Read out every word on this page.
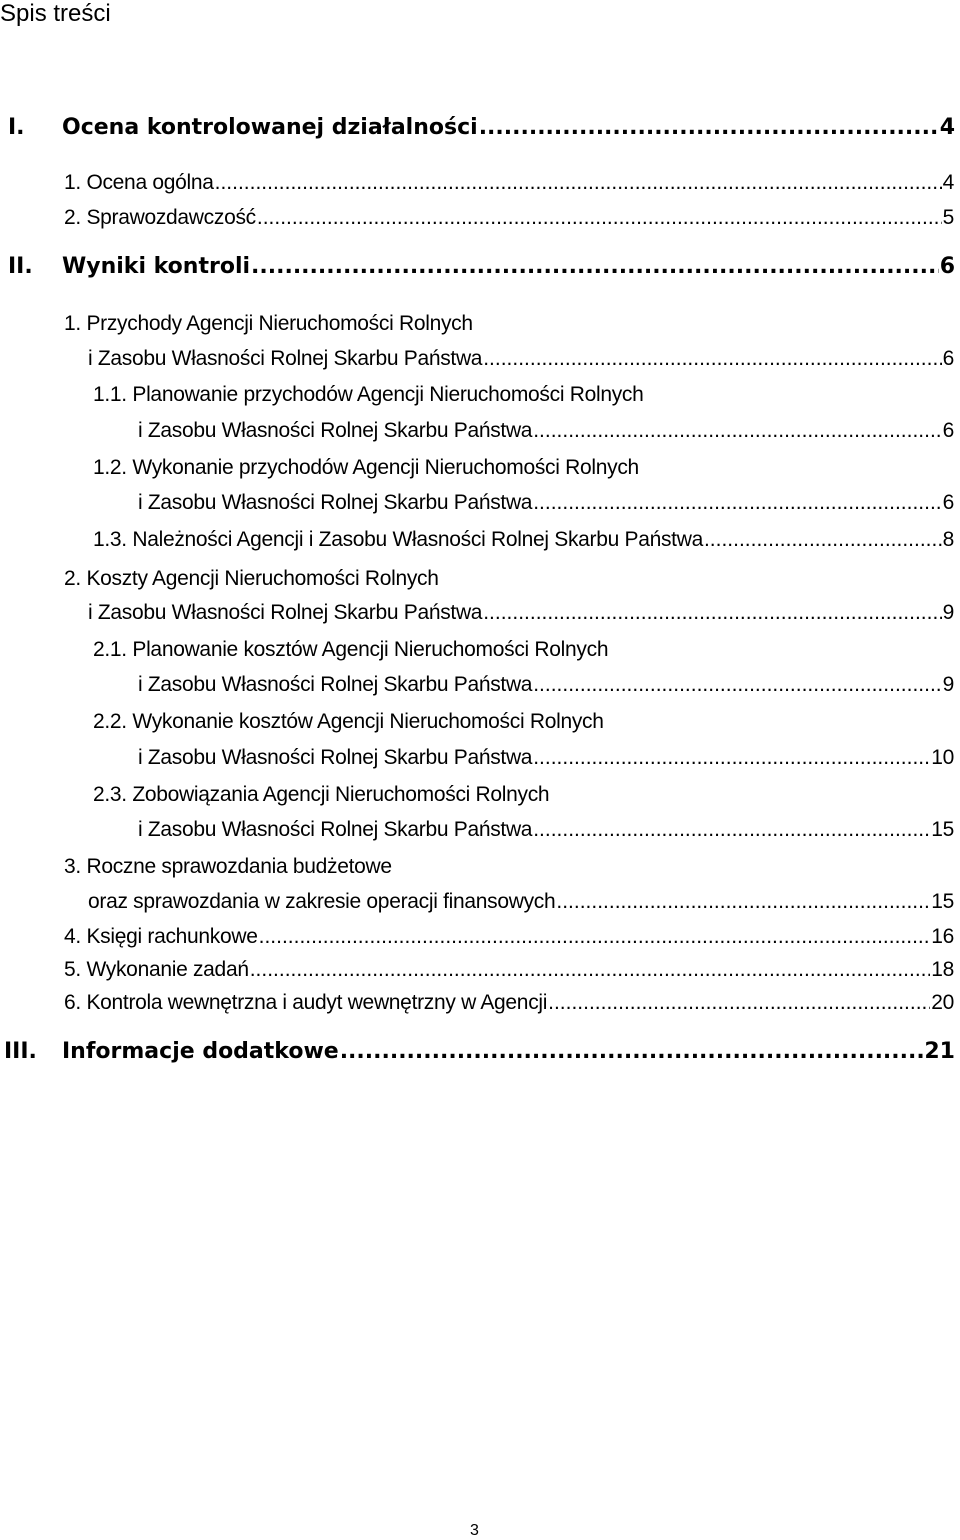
Spis treści
I. Ocena kontrolowanej działalności .....	4
1. Ocena ogólna .....	4
2. Sprawozdawczość .....	5
II. Wyniki kontroli .....	6
1. Przychody Agencji Nieruchomości Rolnych
i Zasobu Własności Rolnej Skarbu Państwa .....	6
1.1. Planowanie przychodów Agencji Nieruchomości Rolnych
i Zasobu Własności Rolnej Skarbu Państwa .....	6
1.2. Wykonanie przychodów Agencji Nieruchomości Rolnych
i Zasobu Własności Rolnej Skarbu Państwa .....	6
1.3. Należności Agencji i Zasobu Własności Rolnej Skarbu Państwa .....	8
2. Koszty Agencji Nieruchomości Rolnych
i Zasobu Własności Rolnej Skarbu Państwa .....	9
2.1. Planowanie kosztów Agencji Nieruchomości Rolnych
i Zasobu Własności Rolnej Skarbu Państwa .....	9
2.2. Wykonanie kosztów Agencji Nieruchomości Rolnych
i Zasobu Własności Rolnej Skarbu Państwa .....	10
2.3. Zobowiązania Agencji Nieruchomości Rolnych
i Zasobu Własności Rolnej Skarbu Państwa .....	15
3. Roczne sprawozdania budżetowe
oraz sprawozdania w zakresie operacji finansowych .....	15
4. Księgi rachunkowe .....	16
5. Wykonanie zadań .....	18
6. Kontrola wewnętrzna i audyt wewnętrzny w Agencji .....	20
III. Informacje dodatkowe .....	21
3
